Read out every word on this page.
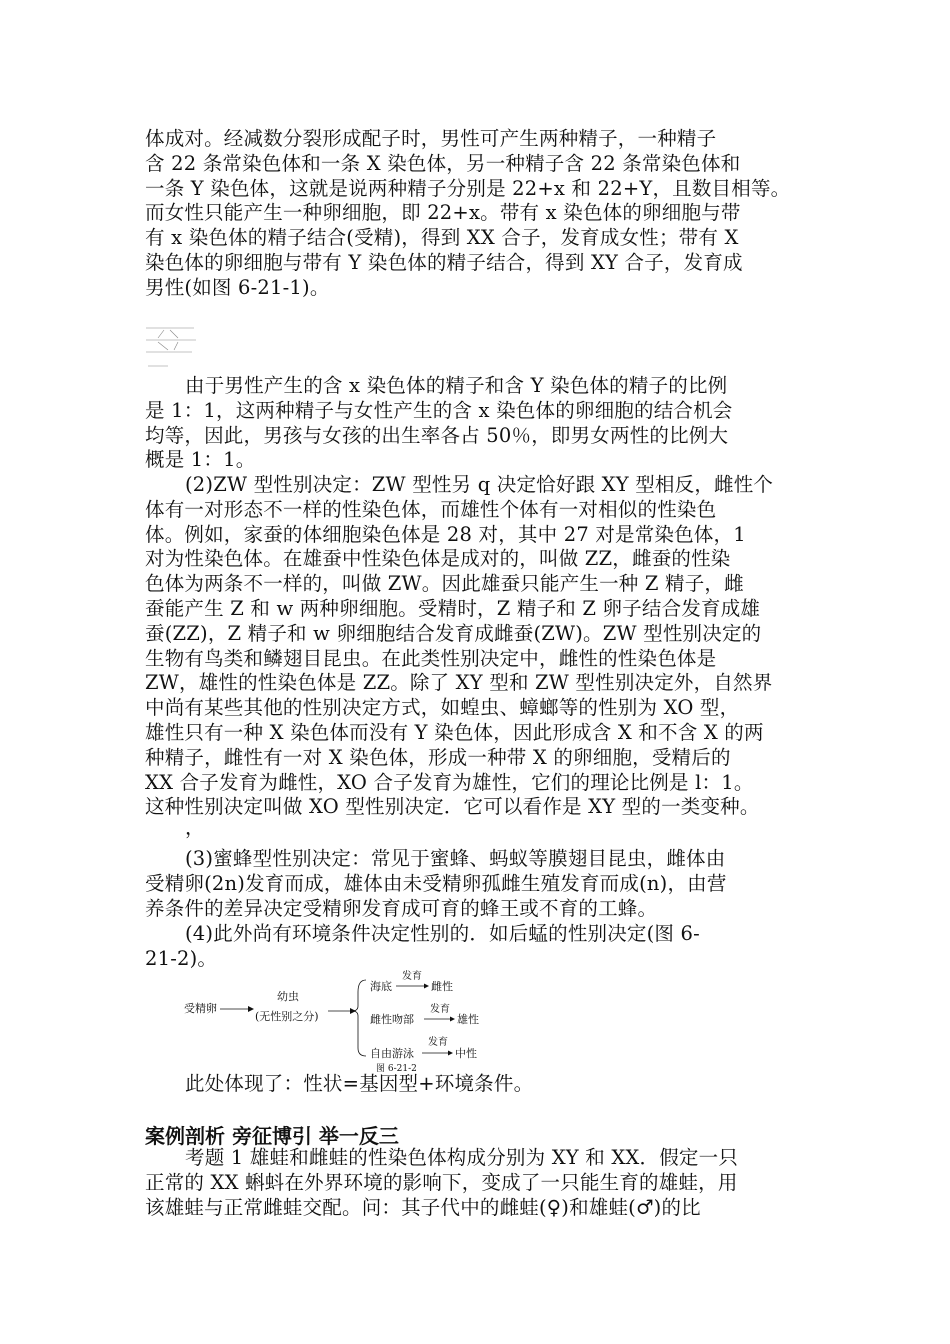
体成对。经减数分裂形成配子时，男性可产生两种精子，一种精子
含 22 条常染色体和一条 X 染色体，另一种精子含 22 条常染色体和
一条 Y 染色体，这就是说两种精子分别是 22+x 和 22+Y，且数目相等。
而女性只能产生一种卵细胞，即 22+x。带有 x 染色体的卵细胞与带
有 x 染色体的精子结合(受精)，得到 XX 合子，发育成女性；带有 X
染色体的卵细胞与带有 Y 染色体的精子结合，得到 XY 合子，发育成
男性(如图 6-21-1)。
由于男性产生的含 x 染色体的精子和含 Y 染色体的精子的比例
是 1：1，这两种精子与女性产生的含 x 染色体的卵细胞的结合机会
均等，因此，男孩与女孩的出生率各占 50％，即男女两性的比例大
概是 1：1。
(2)ZW 型性别决定：ZW 型性另 q 决定恰好跟 XY 型相反，雌性个
体有一对形态不一样的性染色体，而雄性个体有一对相似的性染色
体。例如，家蚕的体细胞染色体是 28 对，其中 27 对是常染色体，1
对为性染色体。在雄蚕中性染色体是成对的，叫做 ZZ，雌蚕的性染
色体为两条不一样的，叫做 ZW。因此雄蚕只能产生一种 Z 精子，雌
蚕能产生 Z 和 w 两种卵细胞。受精时，Z 精子和 Z 卵子结合发育成雄
蚕(ZZ)，Z 精子和 w 卵细胞结合发育成雌蚕(ZW)。ZW 型性别决定的
生物有鸟类和鳞翅目昆虫。在此类性别决定中，雌性的性染色体是
ZW，雄性的性染色体是 ZZ。除了 XY 型和 ZW 型性别决定外，自然界
中尚有某些其他的性别决定方式，如蝗虫、蟑螂等的性别为 XO 型，
雄性只有一种 X 染色体而没有 Y 染色体，因此形成含 X 和不含 X 的两
种精子，雌性有一对 X 染色体，形成一种带 X 的卵细胞，受精后的
XX 合子发育为雌性，XO 合子发育为雄性，它们的理论比例是 l：1。
这种性别决定叫做 XO 型性别决定．它可以看作是 XY 型的一类变种。
，
(3)蜜蜂型性别决定：常见于蜜蜂、蚂蚁等膜翅目昆虫，雌体由
受精卵(2n)发育而成，雄体由未受精卵孤雌生殖发育而成(n)，由营
养条件的差异决定受精卵发育成可育的蜂王或不育的工蜂。
(4)此外尚有环境条件决定性别的．如后蜢的性别决定(图 6-
21-2)。
受精卵
幼虫
(无性别之分)
海底
发育
雌性
雌性吻部
发育
雄性
自由游泳
发育
中性
图 6-21-2
此处体现了：性状=基因型+环境条件。
案例剖析 旁征博引 举一反三
考题 1 雄蛙和雌蛙的性染色体构成分别为 XY 和 XX．假定一只
正常的 XX 蝌蚪在外界环境的影响下，变成了一只能生育的雄蛙，用
该雄蛙与正常雌蛙交配。问：其子代中的雌蛙(♀)和雄蛙(♂)的比
